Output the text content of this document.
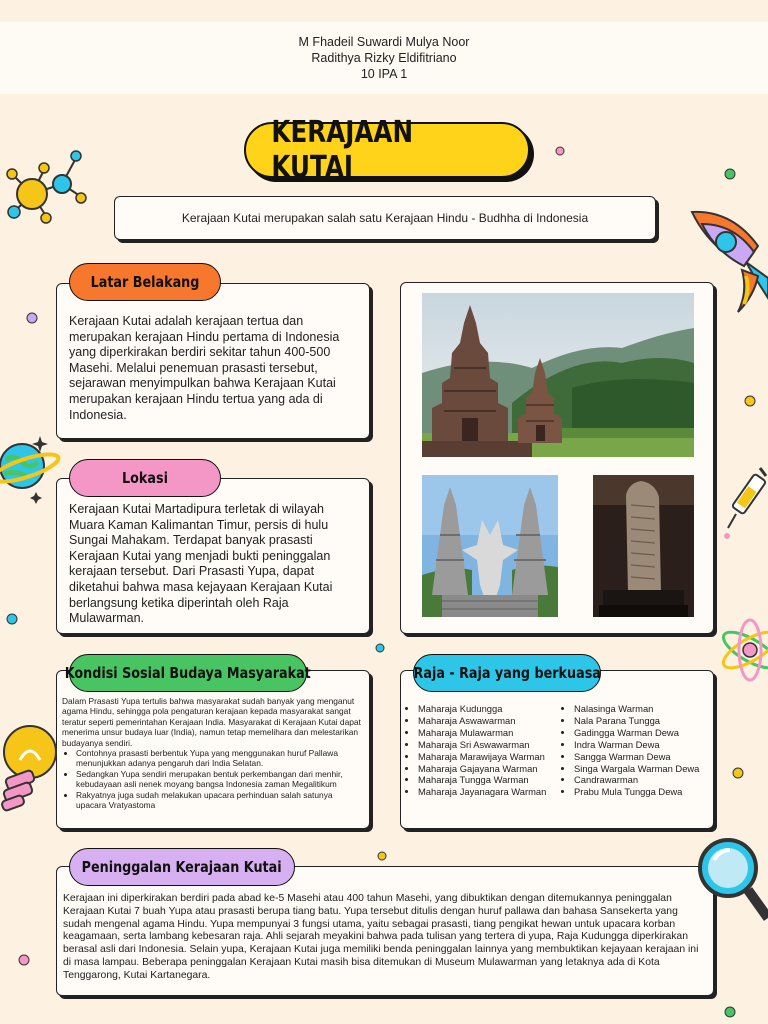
M Fhadeil Suwardi Mulya Noor
Radithya Rizky Eldifitriano
10 IPA 1
KERAJAAN KUTAI
Kerajaan Kutai merupakan salah satu Kerajaan Hindu - Budhha di Indonesia
Kerajaan Kutai adalah kerajaan tertua dan merupakan kerajaan Hindu pertama di Indonesia yang diperkirakan berdiri sekitar tahun 400-500 Masehi. Melalui penemuan prasasti tersebut, sejarawan menyimpulkan bahwa Kerajaan Kutai merupakan kerajaan Hindu tertua yang ada di Indonesia.
Latar Belakang
Kerajaan Kutai Martadipura terletak di wilayah Muara Kaman Kalimantan Timur, persis di hulu Sungai Mahakam. Terdapat banyak prasasti Kerajaan Kutai yang menjadi bukti peninggalan kerajaan tersebut. Dari Prasasti Yupa, dapat diketahui bahwa masa kejayaan Kerajaan Kutai berlangsung ketika diperintah oleh Raja Mulawarman.
Lokasi
Dalam Prasasti Yupa tertulis bahwa masyarakat sudah banyak yang menganut agama Hindu, sehingga pola pengaturan kerajaan kepada masyarakat sangat teratur seperti pemerintahan Kerajaan India. Masyarakat di Kerajaan Kutai dapat menerima unsur budaya luar (India), namun tetap memelihara dan melestarikan budayanya sendiri.
• Contohnya prasasti berbentuk Yupa yang menggunakan huruf Pallawa menunjukkan adanya pengaruh dari India Selatan.
• Sedangkan Yupa sendiri merupakan bentuk perkembangan dari menhir, kebudayaan asli nenek moyang bangsa Indonesia zaman Megalitikum
• Rakyatnya juga sudah melakukan upacara perhinduan salah satunya upacara Vratyastoma
Kondisi Sosial Budaya Masyarakat
• Maharaja Kudungga
• Maharaja Aswawarman
• Maharaja Mulawarman
• Maharaja Sri Aswawarman
• Maharaja Marawijaya Warman
• Maharaja Gajayana Warman
• Maharaja Tungga Warman
• Maharaja Jayanagara Warman
• Nalasinga Warman
• Nala Parana Tungga
• Gadingga Warman Dewa
• Indra Warman Dewa
• Sangga Warman Dewa
• Singa Wargala Warman Dewa
• Candrawarman
• Prabu Mula Tungga Dewa
Raja - Raja yang berkuasa
Kerajaan ini diperkirakan berdiri pada abad ke-5 Masehi atau 400 tahun Masehi, yang dibuktikan dengan ditemukannya peninggalan Kerajaan Kutai 7 buah Yupa atau prasasti berupa tiang batu. Yupa tersebut ditulis dengan huruf pallawa dan bahasa Sansekerta yang sudah mengenal agama Hindu. Yupa mempunyai 3 fungsi utama, yaitu sebagai prasasti, tiang pengikat hewan untuk upacara korban keagamaan, serta lambang kebesaran raja. Ahli sejarah meyakini bahwa pada tulisan yang tertera di yupa, Raja Kudungga diperkirakan berasal asli dari Indonesia. Selain yupa, Kerajaan Kutai juga memiliki benda peninggalan lainnya yang membuktikan kejayaan kerajaan ini di masa lampau. Beberapa peninggalan Kerajaan Kutai masih bisa ditemukan di Museum Mulawarman yang letaknya ada di Kota Tenggarong, Kutai Kartanegara.
Peninggalan Kerajaan Kutai
